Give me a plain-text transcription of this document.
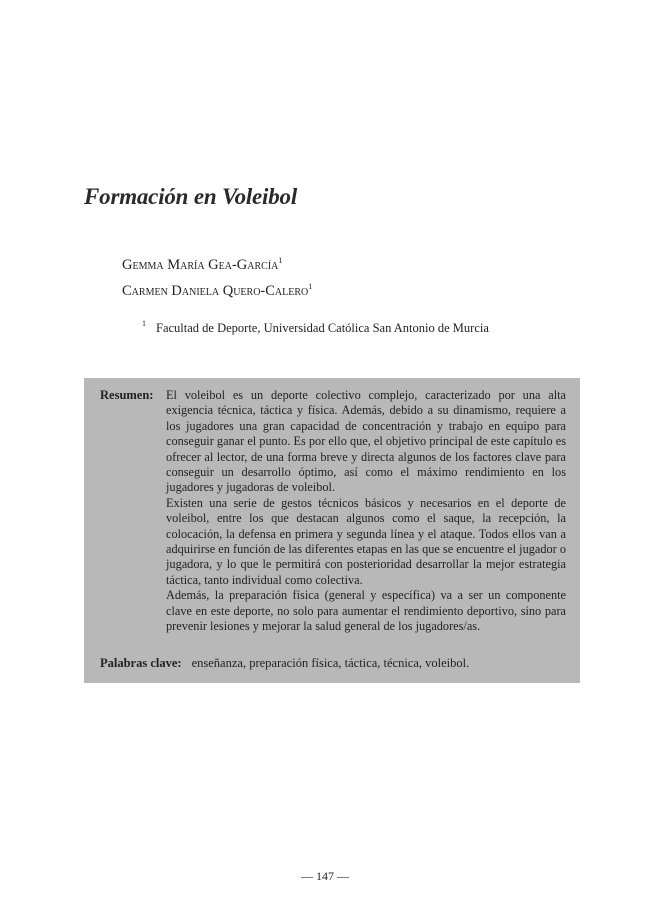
Formación en Voleibol
Gemma María Gea-García$^1$
Carmen Daniela Quero-Calero$^1$
$^1$ Facultad de Deporte, Universidad Católica San Antonio de Murcia
Resumen: El voleibol es un deporte colectivo complejo, caracterizado por una alta exigencia técnica, táctica y física. Además, debido a su dinamismo, requiere a los jugadores una gran capacidad de concentración y trabajo en equipo para conseguir ganar el punto. Es por ello que, el objetivo principal de este capítulo es ofrecer al lector, de una forma breve y directa algunos de los factores clave para conseguir un desarrollo óptimo, así como el máximo rendimiento en los jugadores y jugadoras de voleibol.

Existen una serie de gestos técnicos básicos y necesarios en el deporte de voleibol, entre los que destacan algunos como el saque, la recepción, la colocación, la defensa en primera y segunda línea y el ataque. Todos ellos van a adquirirse en función de las diferentes etapas en las que se encuentre el jugador o jugadora, y lo que le permitirá con posterioridad desarrollar la mejor estrategia táctica, tanto individual como colectiva.

Además, la preparación física (general y específica) va a ser un componente clave en este deporte, no solo para aumentar el rendimiento deportivo, sino para prevenir lesiones y mejorar la salud general de los jugadores/as.

Palabras clave: enseñanza, preparación física, táctica, técnica, voleibol.
— 147 —
